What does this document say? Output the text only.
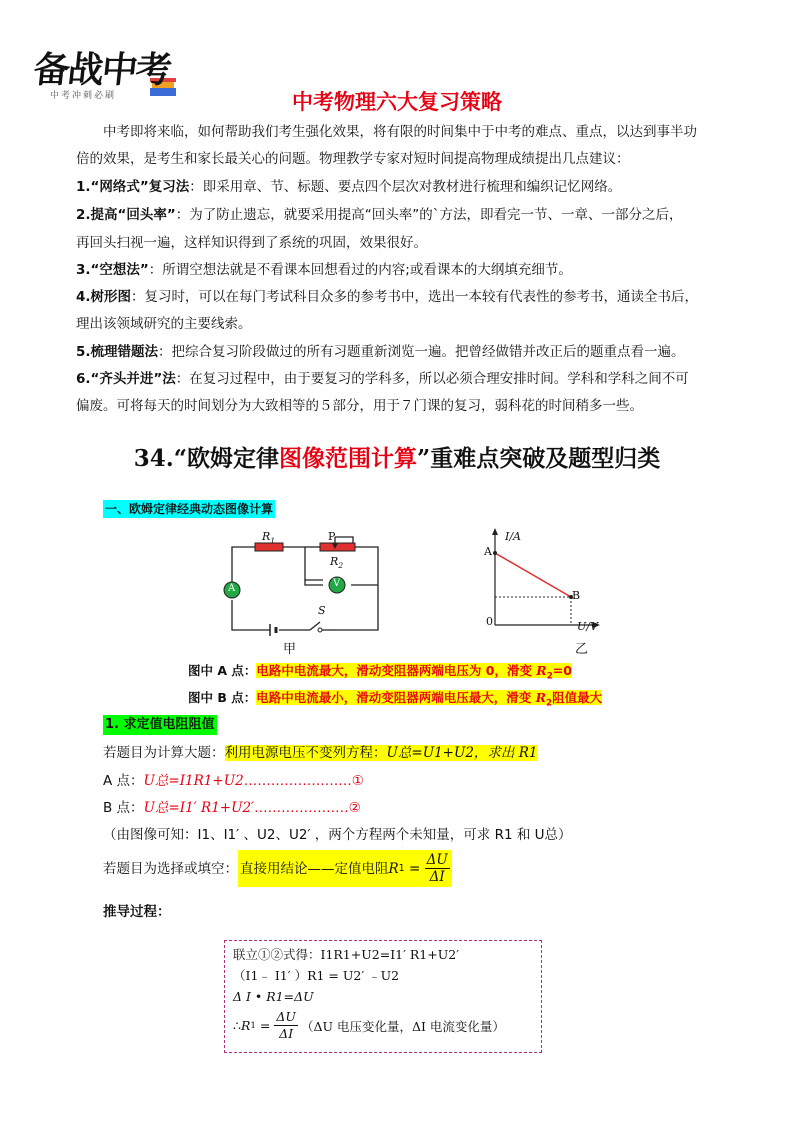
备战中考
中考冲刺必刷	中考物理六大复习策略
中考即将来临，如何帮助我们考生强化效果，将有限的时间集中于中考的难点、重点，以达到事半功
倍的效果，是考生和家长最关心的问题。物理教学专家对短时间提高物理成绩提出几点建议：
1.“网络式”复习法：即采用章、节、标题、要点四个层次对教材进行梳理和编织记忆网络。
2.提高“回头率”：为了防止遗忘，就要采用提高“回头率”的`方法，即看完一节、一章、一部分之后，
再回头扫视一遍，这样知识得到了系统的巩固，效果很好。
3.“空想法”：所谓空想法就是不看课本回想看过的内容;或看课本的大纲填充细节。
4.树形图：复习时，可以在每门考试科目众多的参考书中，选出一本较有代表性的参考书，通读全书后，
理出该领域研究的主要线索。
5.梳理错题法：把综合复习阶段做过的所有习题重新浏览一遍。把曾经做错并改正后的题重点看一遍。
6.“齐头并进”法：在复习过程中，由于要复习的学科多，所以必须合理安排时间。学科和学科之间不可
偏废。可将每天的时间划分为大致相等的５部分，用于７门课的复习，弱科花的时间稍多一些。
34.“欧姆定律图像范围计算”重难点突破及题型归类
一、欧姆定律经典动态图像计算
$R_1$	P
$R_2$
A	V
S
甲
I/A
A
B
0	U/V
乙
图中 A 点：电路中电流最大，滑动变阻器两端电压为 0，滑变 $R_2=0$
图中 B 点：电路中电流最小，滑动变阻器两端电压最大，滑变 $R_2$阻值最大
1. 求定值电阻阻值
若题目为计算大题：利用电源电压不变列方程：U总=U1+U2，求出 R1
A 点：U总=I1R1+U2……………………①
B 点：U总=I1′ R1+U2′…………………②
（由图像可知：I1、I1′ 、U2、U2′ ，两个方程两个未知量，可求 R1 和 U总）
若题目为选择或填空： 直接用结论——定值电阻 R $1 = \frac{\Delta U}{\Delta I}$
推导过程：
联立①②式得：I1R1+U2=I1′ R1+U2′
（I1﹣ I1′ ）R1 = U2′ ﹣U2
Δ I • R1=ΔU
∴ R $1 = \frac{\Delta U}{\Delta I} (\Delta U$ 电压变化量，ΔI 电流变化量）
